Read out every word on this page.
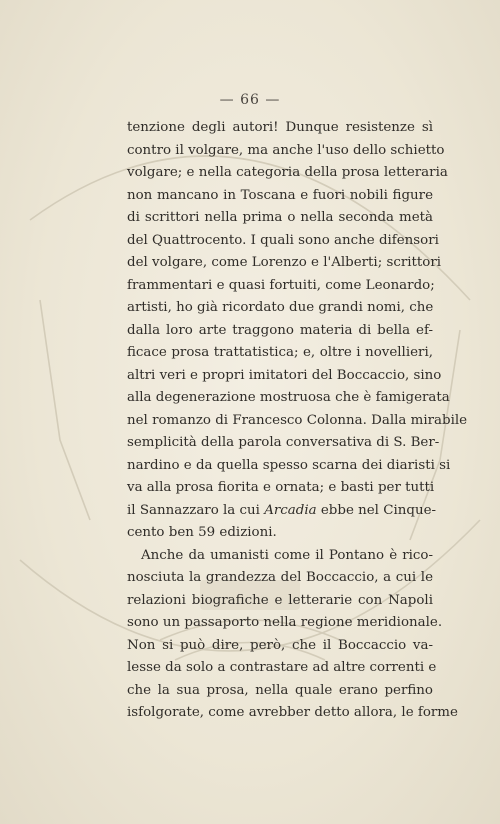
— 66 —
tenzione degli autori! Dunque resistenze sì
contro il volgare, ma anche l'uso dello schietto
volgare; e nella categoria della prosa letteraria
non mancano in Toscana e fuori nobili figure
di scrittori nella prima o nella seconda metà
del Quattrocento. I quali sono anche difensori
del volgare, come Lorenzo e l'Alberti; scrittori
frammentari e quasi fortuiti, come Leonardo;
artisti, ho già ricordato due grandi nomi, che
dalla loro arte traggono materia di bella ef-
ficace prosa trattatistica; e, oltre i novellieri,
altri veri e propri imitatori del Boccaccio, sino
alla degenerazione mostruosa che è famigerata
nel romanzo di Francesco Colonna. Dalla mirabile
semplicità della parola conversativa di S. Ber-
nardino e da quella spesso scarna dei diaristi si
va alla prosa fiorita e ornata; e basti per tutti
il Sannazzaro la cui Arcadia ebbe nel Cinque-
cento ben 59 edizioni.
Anche da umanisti come il Pontano è rico-
nosciuta la grandezza del Boccaccio, a cui le
relazioni biografiche e letterarie con Napoli
sono un passaporto nella regione meridionale.
Non si può dire, però, che il Boccaccio va-
lesse da solo a contrastare ad altre correnti e
che la sua prosa, nella quale erano perfino
isfolgorate, come avrebber detto allora, le forme
